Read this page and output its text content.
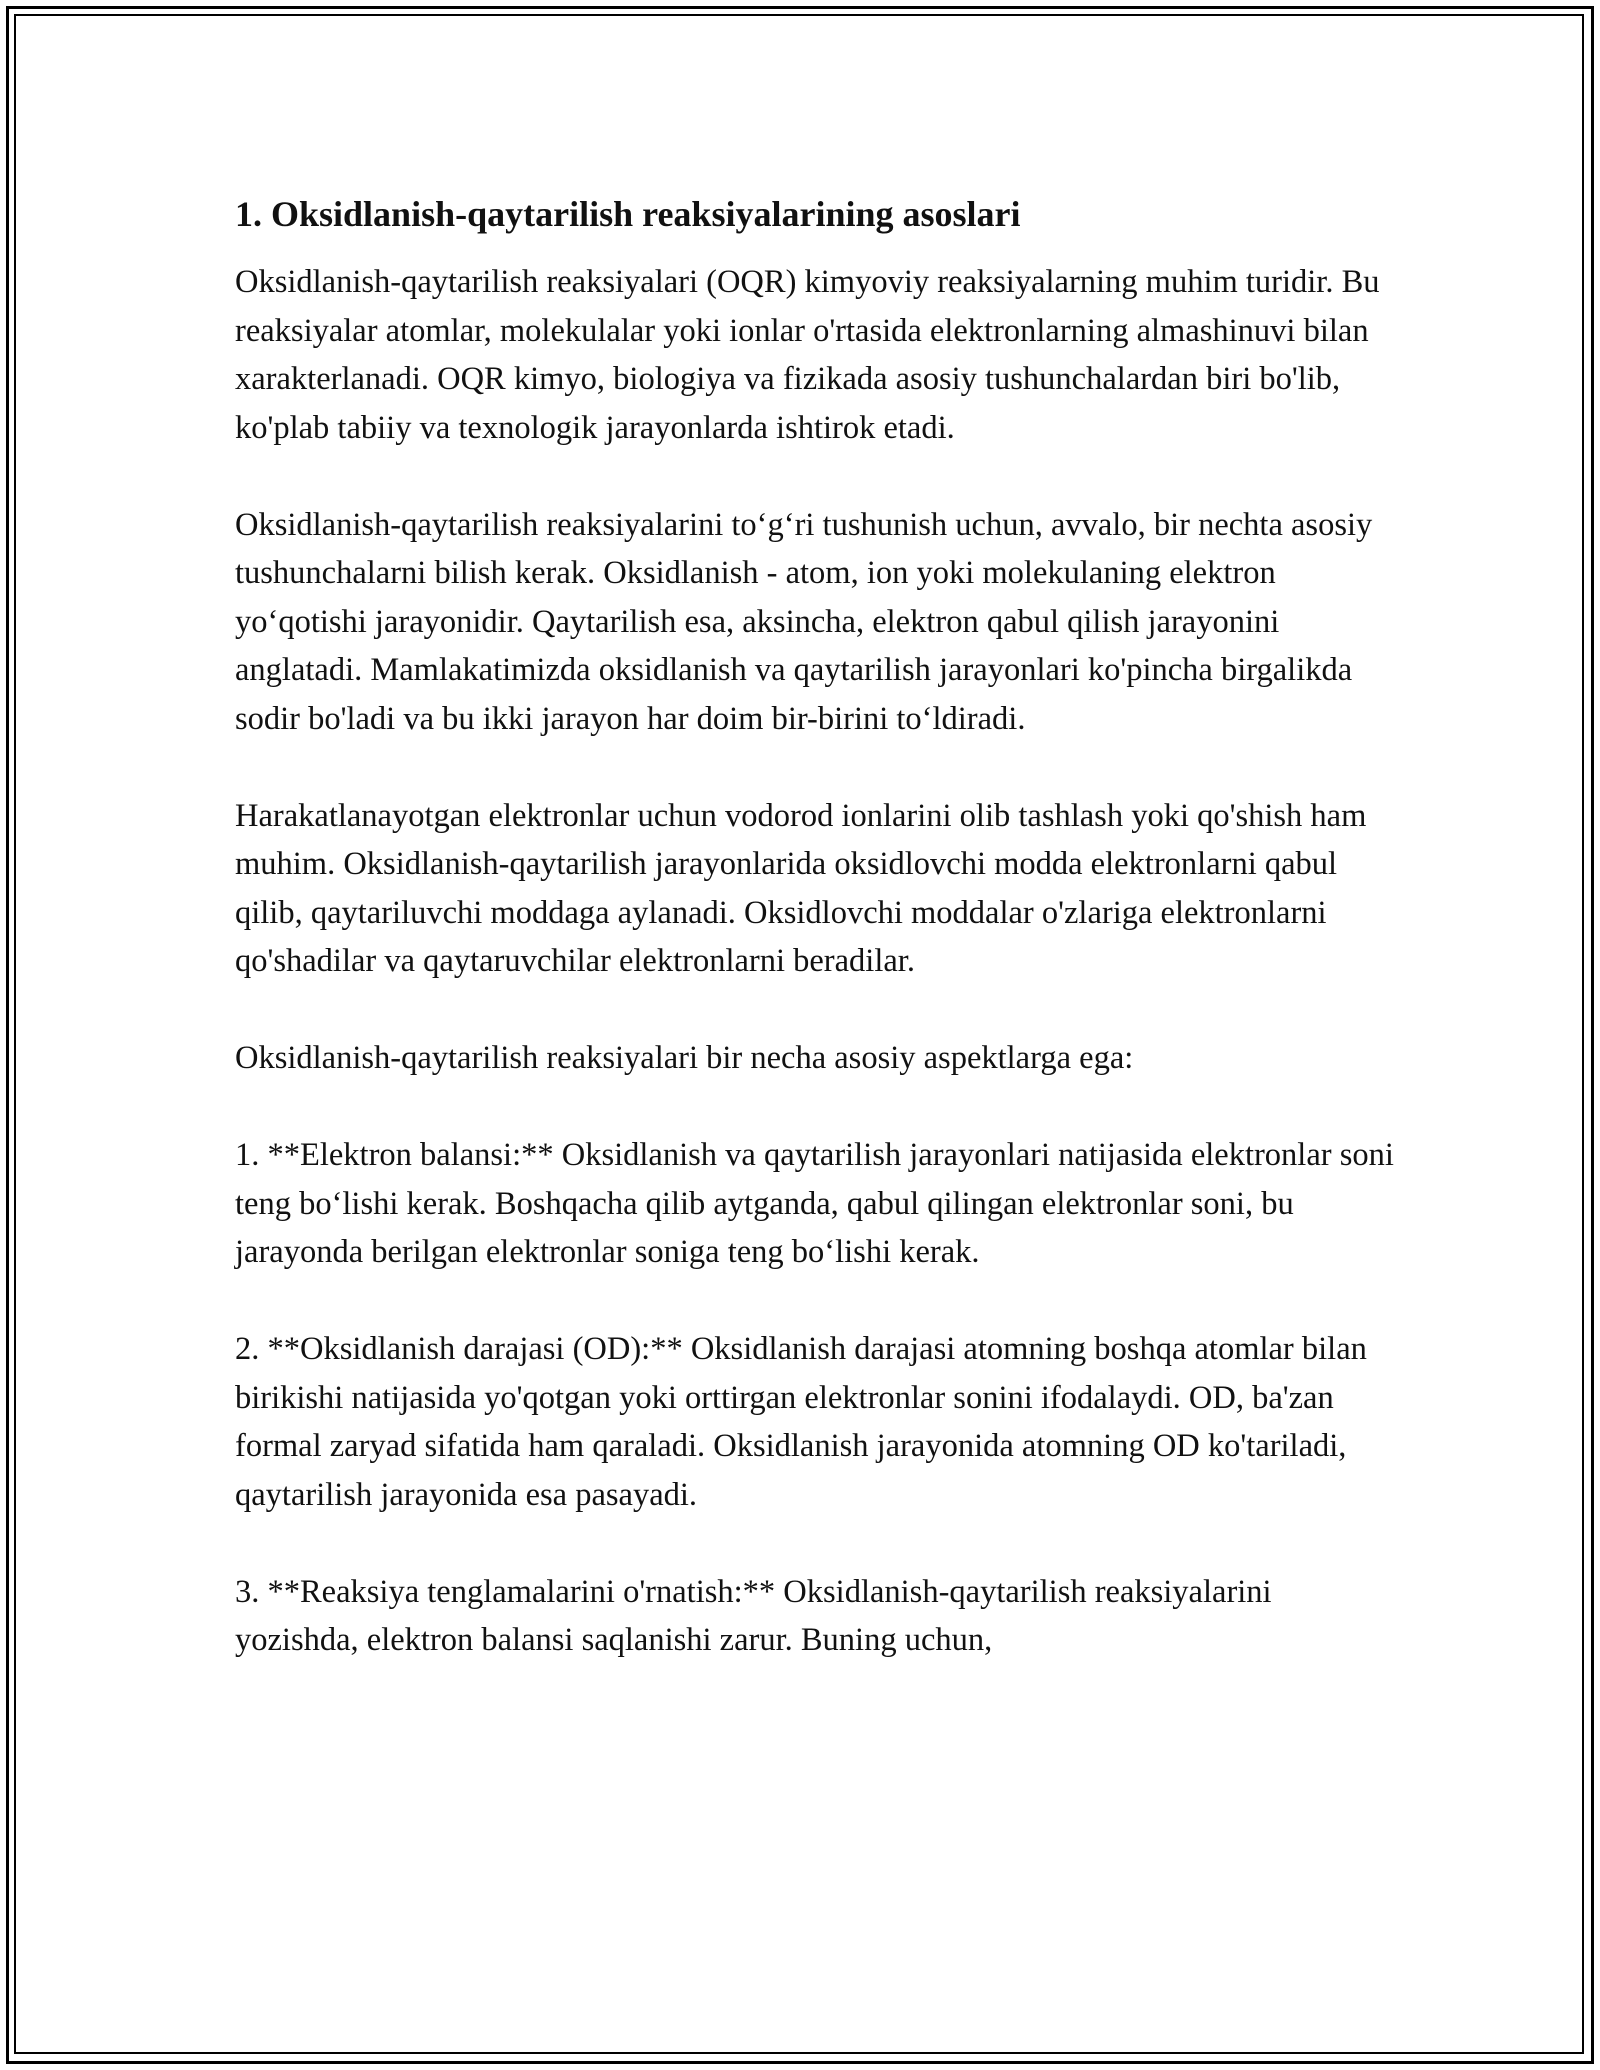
1. Oksidlanish-qaytarilish reaksiyalarining asoslari

Oksidlanish-qaytarilish reaksiyalari (OQR) kimyoviy reaksiyalarning muhim turidir. Bu reaksiyalar atomlar, molekulalar yoki ionlar o'rtasida elektronlarning almashinuvi bilan xarakterlanadi. OQR kimyo, biologiya va fizikada asosiy tushunchalardan biri bo'lib, ko'plab tabiiy va texnologik jarayonlarda ishtirok etadi.

Oksidlanish-qaytarilish reaksiyalarini to‘g‘ri tushunish uchun, avvalo, bir nechta asosiy tushunchalarni bilish kerak. Oksidlanish - atom, ion yoki molekulaning elektron yo‘qotishi jarayonidir. Qaytarilish esa, aksincha, elektron qabul qilish jarayonini anglatadi. Mamlakatimizda oksidlanish va qaytarilish jarayonlari ko'pincha birgalikda sodir bo'ladi va bu ikki jarayon har doim bir-birini to‘ldiradi.

Harakatlanayotgan elektronlar uchun vodorod ionlarini olib tashlash yoki qo'shish ham muhim. Oksidlanish-qaytarilish jarayonlarida oksidlovchi modda elektronlarni qabul qilib, qaytariluvchi moddaga aylanadi. Oksidlovchi moddalar o'zlariga elektronlarni qo'shadilar va qaytaruvchilar elektronlarni beradilar.

Oksidlanish-qaytarilish reaksiyalari bir necha asosiy aspektlarga ega:

1. **Elektron balansi:** Oksidlanish va qaytarilish jarayonlari natijasida elektronlar soni teng bo‘lishi kerak. Boshqacha qilib aytganda, qabul qilingan elektronlar soni, bu jarayonda berilgan elektronlar soniga teng bo‘lishi kerak.

2. **Oksidlanish darajasi (OD):** Oksidlanish darajasi atomning boshqa atomlar bilan birikishi natijasida yo'qotgan yoki orttirgan elektronlar sonini ifodalaydi. OD, ba'zan formal zaryad sifatida ham qaraladi. Oksidlanish jarayonida atomning OD ko'tariladi, qaytarilish jarayonida esa pasayadi.

3. **Reaksiya tenglamalarini o'rnatish:** Oksidlanish-qaytarilish reaksiyalarini yozishda, elektron balansi saqlanishi zarur. Buning uchun,
